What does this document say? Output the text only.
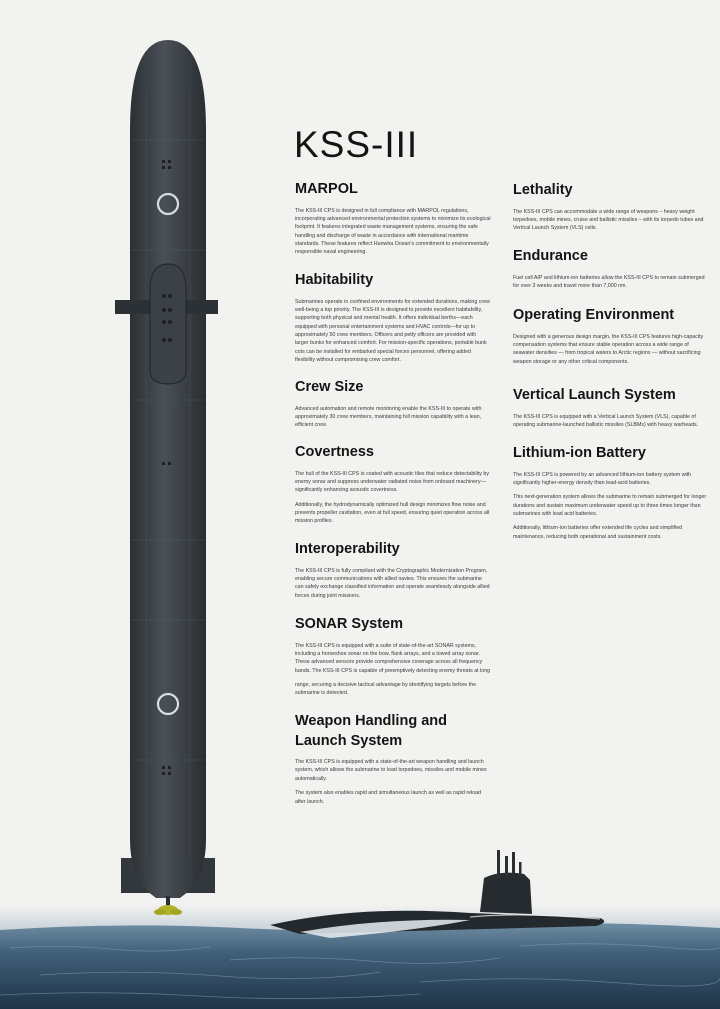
KSS-III
MARPOL

The KSS-III CPS is designed in full compliance with MARPOL regulations, incorporating advanced environmental protection systems to minimize its ecological footprint. It features integrated waste management systems, ensuring the safe handling and discharge of waste in accordance with international maritime standards. These features reflect Hanwha Ocean's commitment to environmentally responsible naval engineering.

Habitability

Submarines operate in confined environments for extended durations, making crew well-being a top priority. The KSS-III is designed to provide excellent habitability, supporting both physical and mental health. It offers individual berths—each equipped with personal entertainment systems and HVAC controls—for up to approximately 50 crew members. Officers and petty officers are provided with larger bunks for enhanced comfort. For mission-specific operations, portable bunk cots can be installed for embarked special forces personnel, offering added flexibility without compromising crew comfort.

Crew Size

Advanced automation and remote monitoring enable the KSS-III to operate with approximately 30 crew members, maintaining full mission capability with a lean, efficient crew.

Covertness

The hull of the KSS-III CPS is coated with acoustic tiles that reduce detectability by enemy sonar and suppress underwater radiated noise from onboard machinery—significantly enhancing acoustic covertness.

Additionally, the hydrodynamically optimized hull design minimizes flow noise and prevents propeller cavitation, even at full speed, ensuring quiet operation across all mission profiles.

Interoperability

The KSS-III CPS is fully compliant with the Cryptographic Modernization Program, enabling secure communications with allied navies. This ensures the submarine can safely exchange classified information and operate seamlessly alongside allied forces during joint missions.

SONAR System

The KSS-III CPS is equipped with a suite of state-of-the-art SONAR systems, including a horseshoe sonar on the bow, flank arrays, and a towed array sonar. These advanced sensors provide comprehensive coverage across all frequency bands. The KSS-III CPS is capable of preemptively detecting enemy threats at long

range, securing a decisive tactical advantage by identifying targets before the submarine is detected.

Weapon Handling and Launch System

The KSS-III CPS is equipped with a state-of-the-art weapon handling and launch system, which allows the submarine to load torpedoes, missiles and mobile mines automatically.

The system also enables rapid and simultaneous launch as well as rapid reload after launch.

Lethality

The KSS-III CPS can accommodate a wide range of weapons – heavy weight torpedoes, mobile mines, cruise and ballistic missiles – with its torpedo tubes and Vertical Launch System (VLS) cells.

Endurance

Fuel cell AIP and lithium-ion batteries allow the KSS-III CPS to remain submerged for over 3 weeks and travel more than 7,000 nm.

Operating Environment

Designed with a generous design margin, the KSS-III CPS features high-capacity compensation systems that ensure stable operation across a wide range of seawater densities — from tropical waters to Arctic regions — without sacrificing weapon storage or any other critical components.

Vertical Launch System

The KSS-III CPS is equipped with a Vertical Launch System (VLS), capable of operating submarine-launched ballistic missiles (SLBMs) with heavy warheads.

Lithium-ion Battery

The KSS-III CPS is powered by an advanced lithium-ion battery system with significantly higher-energy density than lead-acid batteries.

This next-generation system allows the submarine to remain submerged for longer durations and sustain maximum underwater speed up to three times longer than submarines with lead acid batteries.

Additionally, lithium-ion batteries offer extended life cycles and simplified maintenance, reducing both operational and sustainment costs.
